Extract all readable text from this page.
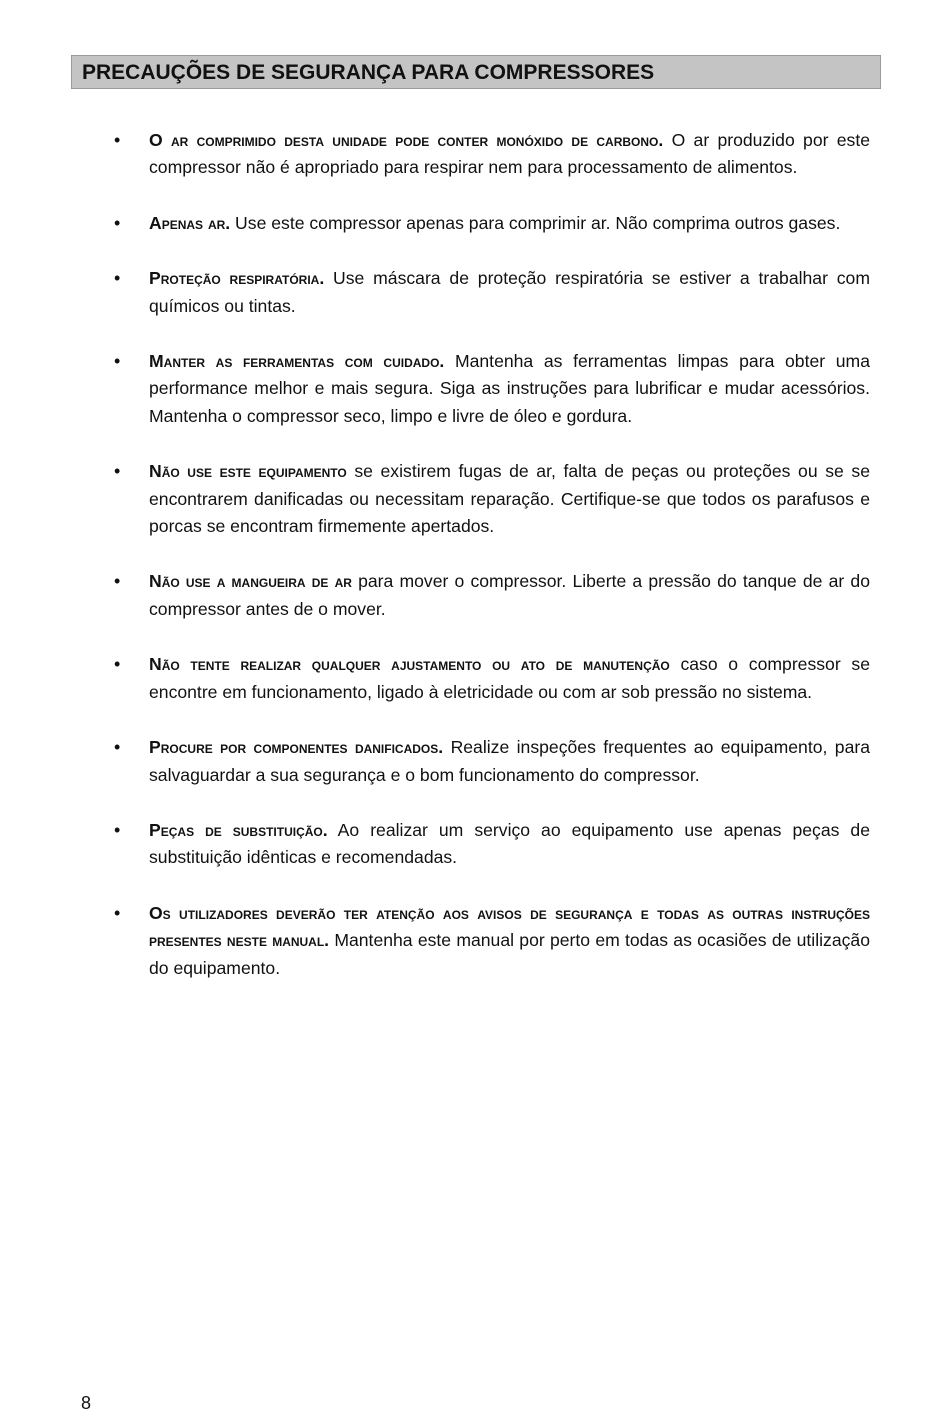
PRECAUÇÕES DE SEGURANÇA PARA COMPRESSORES
• O ar comprimido desta unidade pode conter monóxido de carbono. O ar produzido por este compressor não é apropriado para respirar nem para processamento de alimentos.
• Apenas ar. Use este compressor apenas para comprimir ar. Não comprima outros gases.
• Proteção respiratória. Use máscara de proteção respiratória se estiver a trabalhar com químicos ou tintas.
• Manter as ferramentas com cuidado. Mantenha as ferramentas limpas para obter uma performance melhor e mais segura. Siga as instruções para lubrificar e mudar acessórios. Mantenha o compressor seco, limpo e livre de óleo e gordura.
• Não use este equipamento se existirem fugas de ar, falta de peças ou proteções ou se se encontrarem danificadas ou necessitam reparação. Certifique-se que todos os parafusos e porcas se encontram firmemente apertados.
• Não use a mangueira de ar para mover o compressor. Liberte a pressão do tanque de ar do compressor antes de o mover.
• Não tente realizar qualquer ajustamento ou ato de manutenção caso o compressor se encontre em funcionamento, ligado à eletricidade ou com ar sob pressão no sistema.
• Procure por componentes danificados. Realize inspeções frequentes ao equipamento, para salvaguardar a sua segurança e o bom funcionamento do compressor.
• Peças de substituição. Ao realizar um serviço ao equipamento use apenas peças de substituição idênticas e recomendadas.
• Os utilizadores deverão ter atenção aos avisos de segurança e todas as outras instruções presentes neste manual. Mantenha este manual por perto em todas as ocasiões de utilização do equipamento.
8
